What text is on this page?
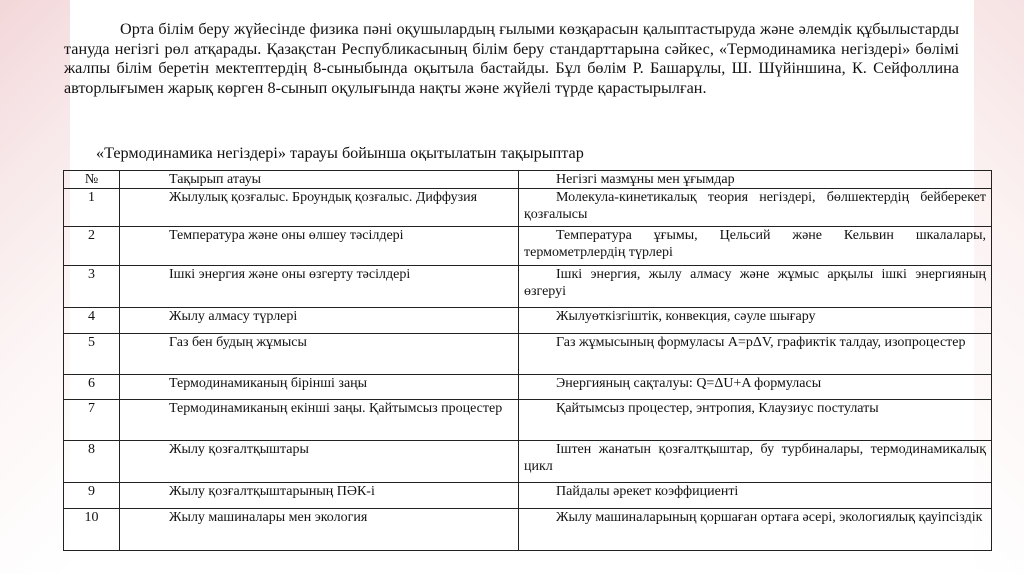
Орта білім беру жүйесінде физика пәні оқушылардың ғылыми көзқарасын қалыптастыруда және әлемдік құбылыстарды тануда негізгі рөл атқарады. Қазақстан Республикасының білім беру стандарттарына сәйкес, «Термодинамика негіздері» бөлімі жалпы білім беретін мектептердің 8-сыныбында оқытыла бастайды. Бұл бөлім Р. Башарұлы, Ш. Шүйіншина, К. Сейфоллина авторлығымен жарық көрген 8-сынып оқулығында нақты және жүйелі түрде қарастырылған.

«Термодинамика негіздері» тарауы бойынша оқытылатын тақырыптар

№	Тақырып атауы	Негізгі мазмұны мен ұғымдар
1	Жылулық қозғалыс. Броундық қозғалыс. Диффузия	Молекула-кинетикалық теория негіздері, бөлшектердің бейберекет қозғалысы
2	Температура және оны өлшеу тәсілдері	Температура ұғымы, Цельсий және Кельвин шкалалары, термометрлердің түрлері
3	Ішкі энергия және оны өзгерту тәсілдері	Ішкі энергия, жылу алмасу және жұмыс арқылы ішкі энергияның өзгеруі
4	Жылу алмасу түрлері	Жылуөткізгіштік, конвекция, сәуле шығару
5	Газ бен будың жұмысы	Газ жұмысының формуласы A=pΔV, графиктік талдау, изопроцестер
6	Термодинамиканың бірінші заңы	Энергияның сақталуы: Q=ΔU+A формуласы
7	Термодинамиканың екінші заңы. Қайтымсыз процестер	Қайтымсыз процестер, энтропия, Клаузиус постулаты
8	Жылу қозғалтқыштары	Іштен жанатын қозғалтқыштар, бу турбиналары, термодинамикалық цикл
9	Жылу қозғалтқыштарының ПӘК-і	Пайдалы әрекет коэффициенті
10	Жылу машиналары мен экология	Жылу машиналарының қоршаған ортаға әсері, экологиялық қауіпсіздік
